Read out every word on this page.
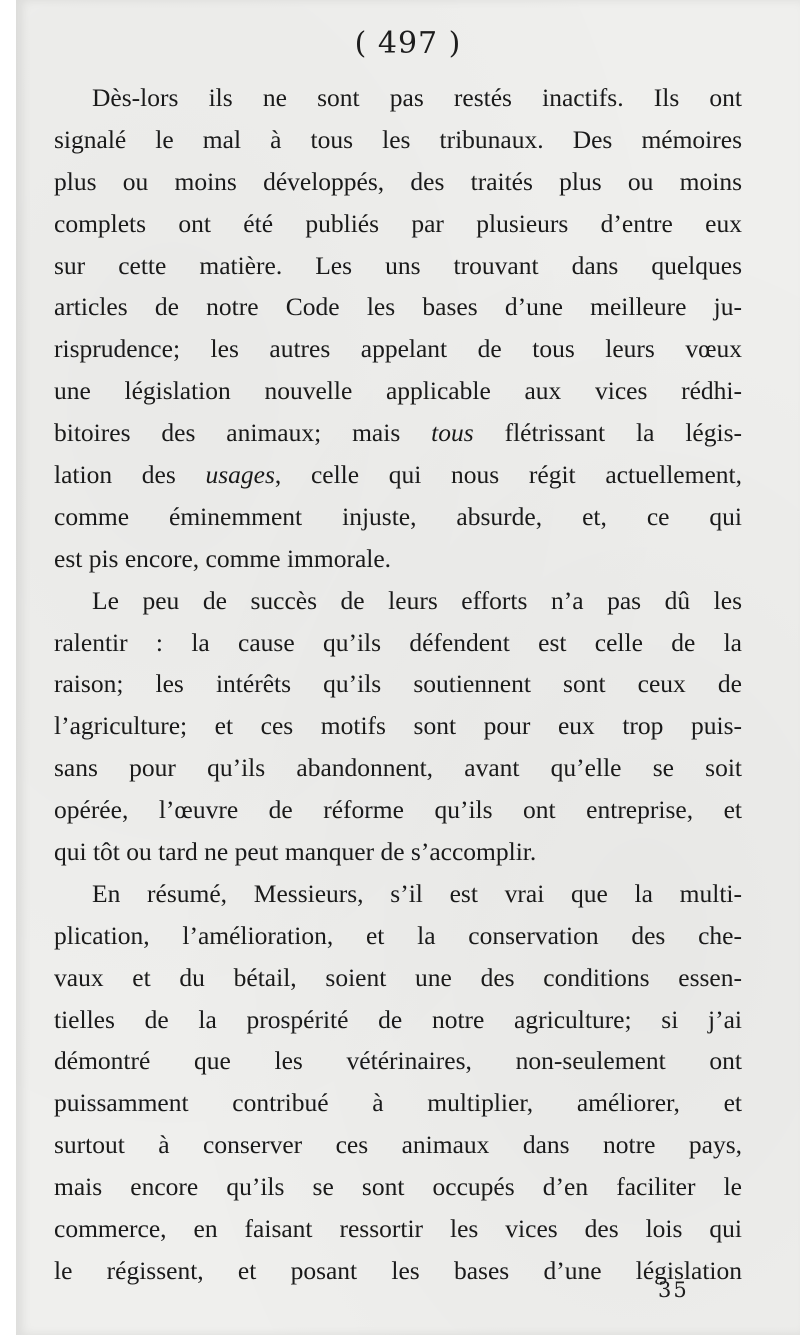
( 497 )
Dès-lors ils ne sont pas restés inactifs. Ils ont
signalé le mal à tous les tribunaux. Des mémoires
plus ou moins développés, des traités plus ou moins
complets ont été publiés par plusieurs d’entre eux
sur cette matière. Les uns trouvant dans quelques
articles de notre Code les bases d’une meilleure ju-
risprudence; les autres appelant de tous leurs vœux
une législation nouvelle applicable aux vices rédhi-
bitoires des animaux; mais tous flétrissant la légis-
lation des usages, celle qui nous régit actuellement,
comme éminemment injuste, absurde, et, ce qui
est pis encore, comme immorale.
Le peu de succès de leurs efforts n’a pas dû les
ralentir : la cause qu’ils défendent est celle de la
raison; les intérêts qu’ils soutiennent sont ceux de
l’agriculture; et ces motifs sont pour eux trop puis-
sans pour qu’ils abandonnent, avant qu’elle se soit
opérée, l’œuvre de réforme qu’ils ont entreprise, et
qui tôt ou tard ne peut manquer de s’accomplir.
En résumé, Messieurs, s’il est vrai que la multi-
plication, l’amélioration, et la conservation des che-
vaux et du bétail, soient une des conditions essen-
tielles de la prospérité de notre agriculture; si j’ai
démontré que les vétérinaires, non-seulement ont
puissamment contribué à multiplier, améliorer, et
surtout à conserver ces animaux dans notre pays,
mais encore qu’ils se sont occupés d’en faciliter le
commerce, en faisant ressortir les vices des lois qui
le régissent, et posant les bases d’une législation
35
